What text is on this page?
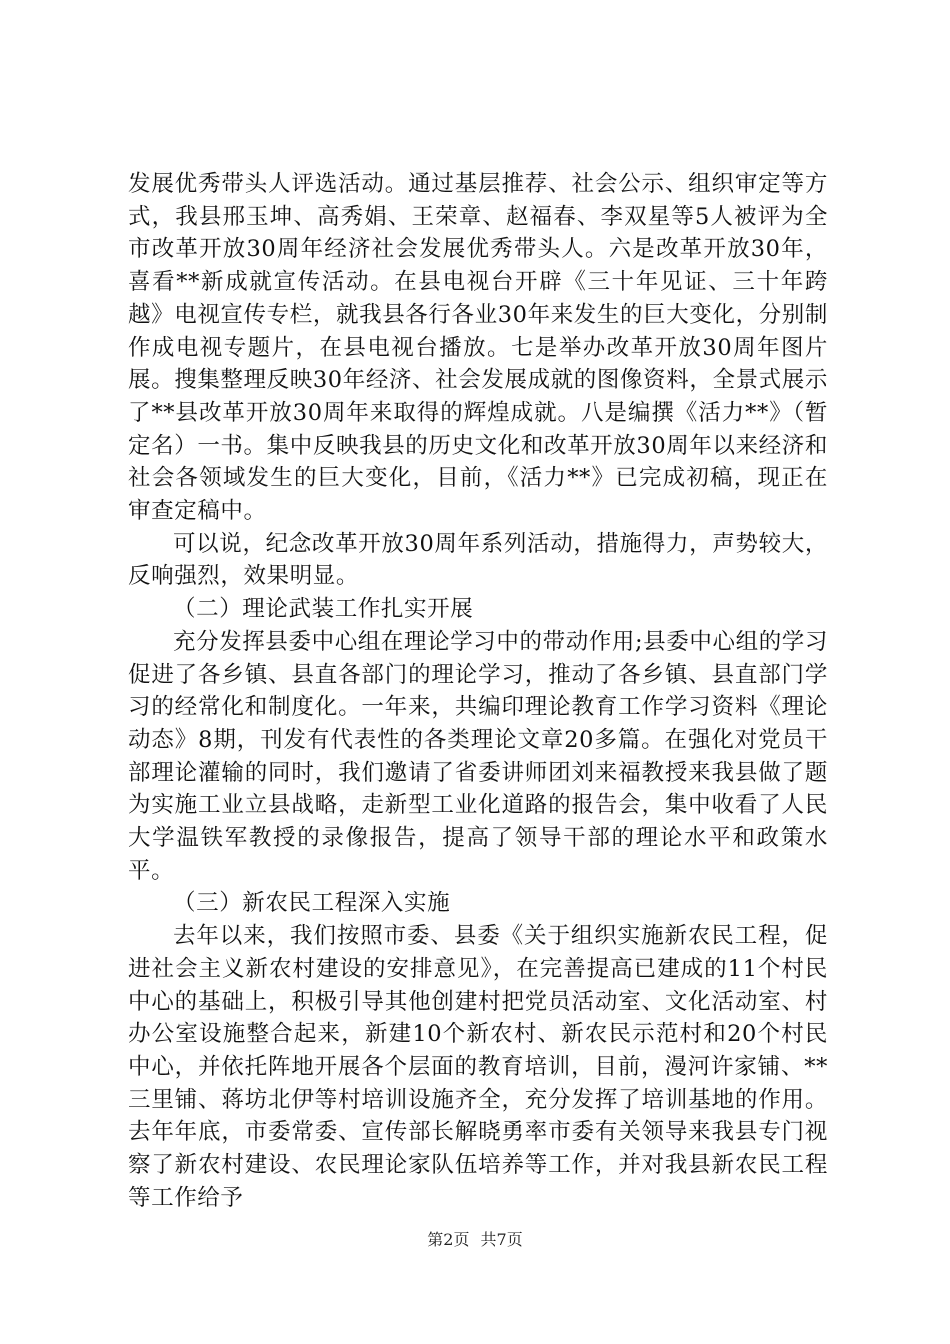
发展优秀带头人评选活动。通过基层推荐、社会公示、组织审定等方式，我县邢玉坤、高秀娟、王荣章、赵福春、李双星等5人被评为全市改革开放30周年经济社会发展优秀带头人。六是改革开放30年，喜看**新成就宣传活动。在县电视台开辟《三十年见证、三十年跨越》电视宣传专栏，就我县各行各业30年来发生的巨大变化，分别制作成电视专题片，在县电视台播放。七是举办改革开放30周年图片展。搜集整理反映30年经济、社会发展成就的图像资料，全景式展示了**县改革开放30周年来取得的辉煌成就。八是编撰《活力**》（暂定名）一书。集中反映我县的历史文化和改革开放30周年以来经济和社会各领域发生的巨大变化，目前，《活力**》已完成初稿，现正在审查定稿中。

可以说，纪念改革开放30周年系列活动，措施得力，声势较大，反响强烈，效果明显。

（二）理论武装工作扎实开展

充分发挥县委中心组在理论学习中的带动作用;县委中心组的学习促进了各乡镇、县直各部门的理论学习，推动了各乡镇、县直部门学习的经常化和制度化。一年来，共编印理论教育工作学习资料《理论动态》8期，刊发有代表性的各类理论文章20多篇。在强化对党员干部理论灌输的同时，我们邀请了省委讲师团刘来福教授来我县做了题为实施工业立县战略，走新型工业化道路的报告会，集中收看了人民大学温铁军教授的录像报告，提高了领导干部的理论水平和政策水平。

（三）新农民工程深入实施

去年以来，我们按照市委、县委《关于组织实施新农民工程，促进社会主义新农村建设的安排意见》，在完善提高已建成的11个村民中心的基础上，积极引导其他创建村把党员活动室、文化活动室、村办公室设施整合起来，新建10个新农村、新农民示范村和20个村民中心，并依托阵地开展各个层面的教育培训，目前，漫河许家铺、**三里铺、蒋坊北伊等村培训设施齐全，充分发挥了培训基地的作用。去年年底，市委常委、宣传部长解晓勇率市委有关领导来我县专门视察了新农村建设、农民理论家队伍培养等工作，并对我县新农民工程等工作给予

第2页 共7页
